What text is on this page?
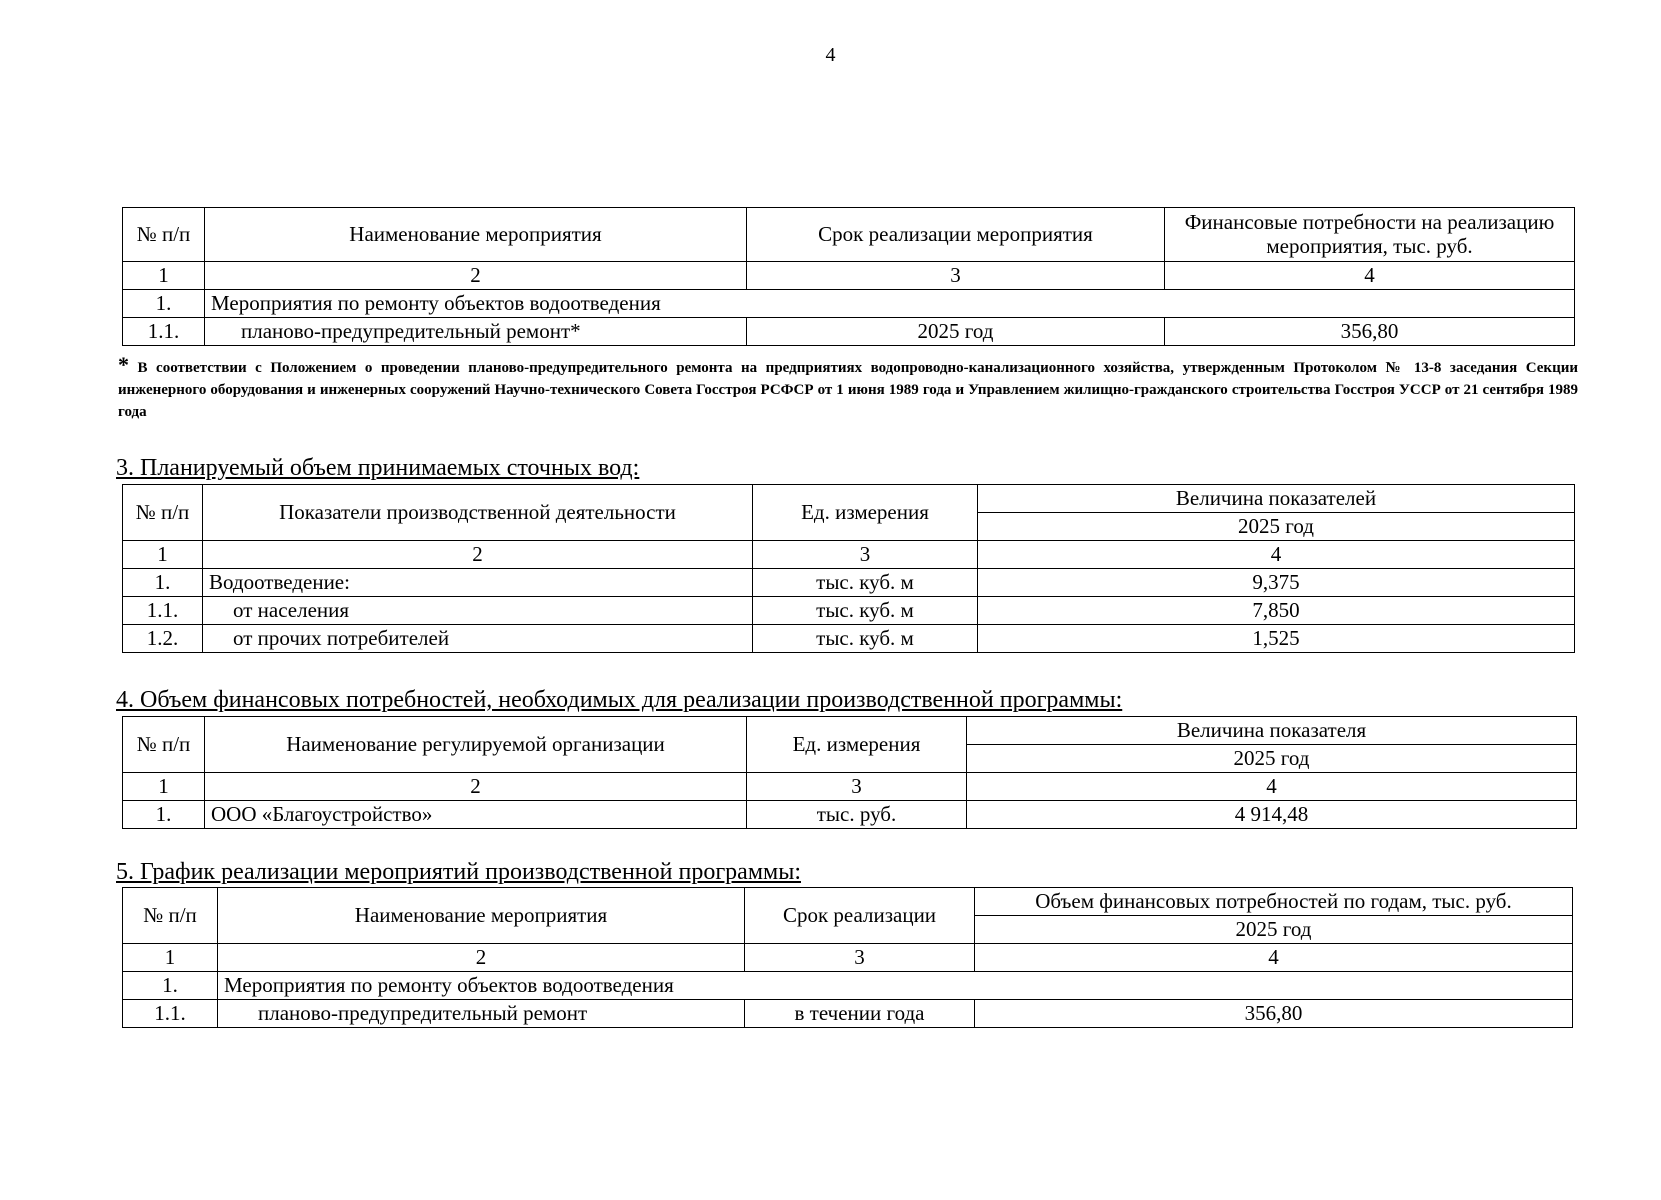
4
№ п/п	Наименование мероприятия	Срок реализации мероприятия	Финансовые потребности на реализацию мероприятия, тыс. руб.
1	2	3	4
1.	Мероприятия по ремонту объектов водоотведения		
1.1.	планово-предупредительный ремонт*	2025 год	356,80
* В соответствии с Положением о проведении планово-предупредительного ремонта на предприятиях водопроводно-канализационного хозяйства, утвержденным Протоколом № 13-8 заседания Секции инженерного оборудования и инженерных сооружений Научно-технического Совета Госстроя РСФСР от 1 июня 1989 года и Управлением жилищно-гражданского строительства Госстроя УССР от 21 сентября 1989 года
3. Планируемый объем принимаемых сточных вод:
№ п/п	Показатели производственной деятельности	Ед. измерения	Величина показателей
			2025 год
1	2	3	4
1.	Водоотведение:	тыс. куб. м	9,375
1.1.	от населения	тыс. куб. м	7,850
1.2.	от прочих потребителей	тыс. куб. м	1,525
4. Объем финансовых потребностей, необходимых для реализации производственной программы:
№ п/п	Наименование регулируемой организации	Ед. измерения	Величина показателя
			2025 год
1	2	3	4
1.	ООО «Благоустройство»	тыс. руб.	4 914,48
5. График реализации мероприятий производственной программы:
№ п/п	Наименование мероприятия	Срок реализации	Объем финансовых потребностей по годам, тыс. руб.
			2025 год
1	2	3	4
1.	Мероприятия по ремонту объектов водоотведения		
1.1.	планово-предупредительный ремонт	в течении года	356,80
